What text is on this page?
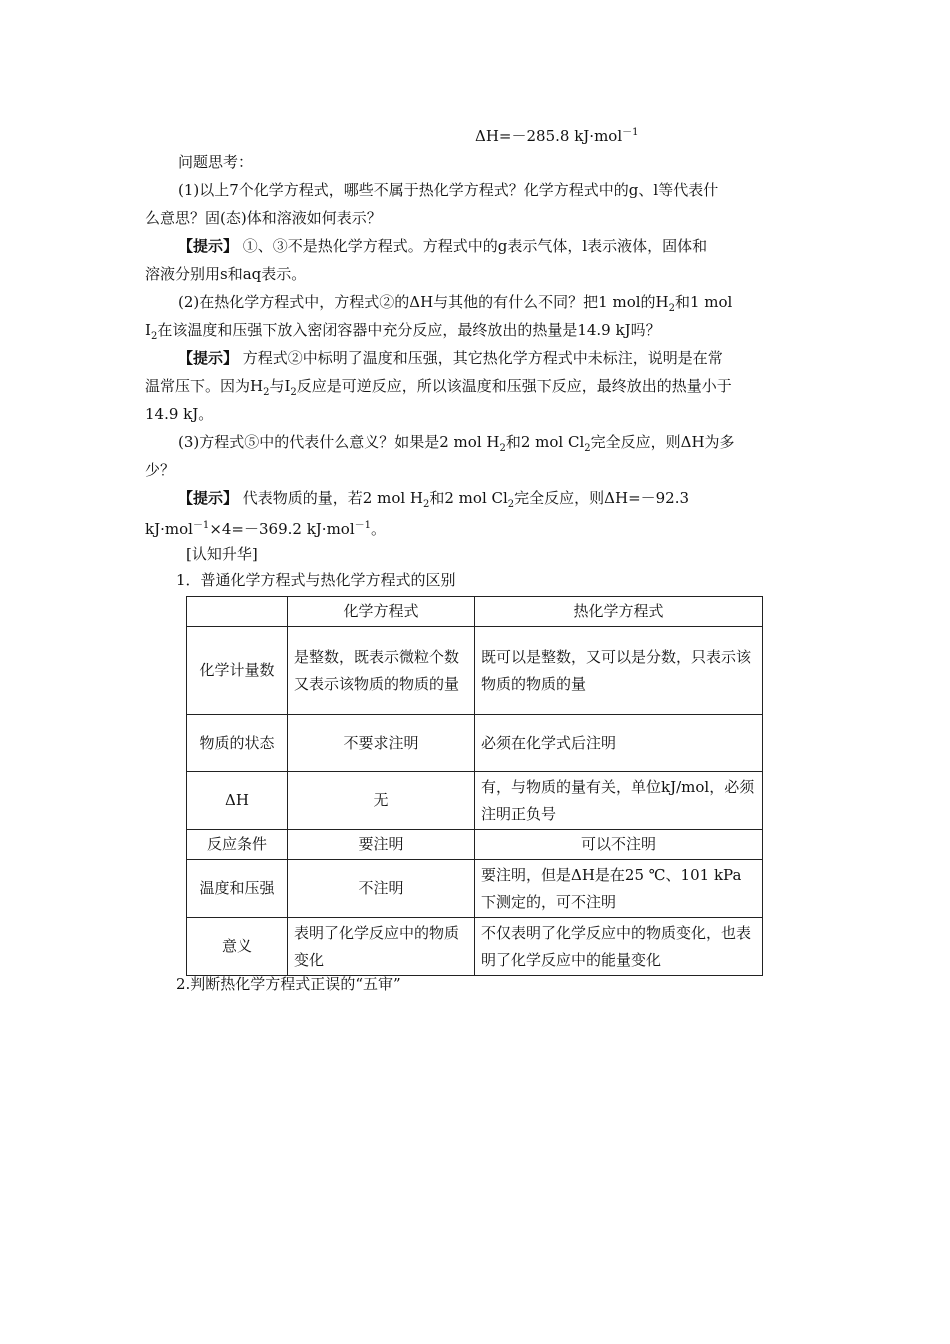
ΔH=－285.8 kJ·mol$^{-1}$
问题思考：
(1)以上7个化学方程式，哪些不属于热化学方程式？化学方程式中的g、l等代表什
么意思？固(态)体和溶液如何表示？
【提示】 ①、③不是热化学方程式。方程式中的g表示气体，l表示液体，固体和
溶液分别用s和aq表示。
(2)在热化学方程式中，方程式②的ΔH与其他的有什么不同？把1 mol的$H_2$和1 mol
$I_2$在该温度和压强下放入密闭容器中充分反应，最终放出的热量是14.9 kJ吗？
【提示】 方程式②中标明了温度和压强，其它热化学方程式中未标注，说明是在常
温常压下。因为$H_2$与$I_2$反应是可逆反应，所以该温度和压强下反应，最终放出的热量小于
14.9 kJ。
(3)方程式⑤中的代表什么意义？如果是2 mol $H_2$和2 mol $Cl_2$完全反应，则ΔH为多
少？
【提示】 代表物质的量，若2 mol $H_2$和2 mol $Cl_2$完全反应，则ΔH=－92.3
kJ·mol$^{-1}$×4=－369.2 kJ·mol$^{-1}$。
[认知升华]
1．普通化学方程式与热化学方程式的区别
	化学方程式	热化学方程式
化学计量数	是整数，既表示微粒个数又表示该物质的物质的量	既可以是整数，又可以是分数，只表示该物质的物质的量
物质的状态	不要求注明	必须在化学式后注明
ΔH	无	有，与物质的量有关，单位kJ/mol，必须注明正负号
反应条件	要注明	可以不注明
温度和压强	不注明	要注明，但是ΔH是在25 ℃、101 kPa下测定的，可不注明
意义	表明了化学反应中的物质变化	不仅表明了化学反应中的物质变化，也表明了化学反应中的能量变化
2.判断热化学方程式正误的“五审”
